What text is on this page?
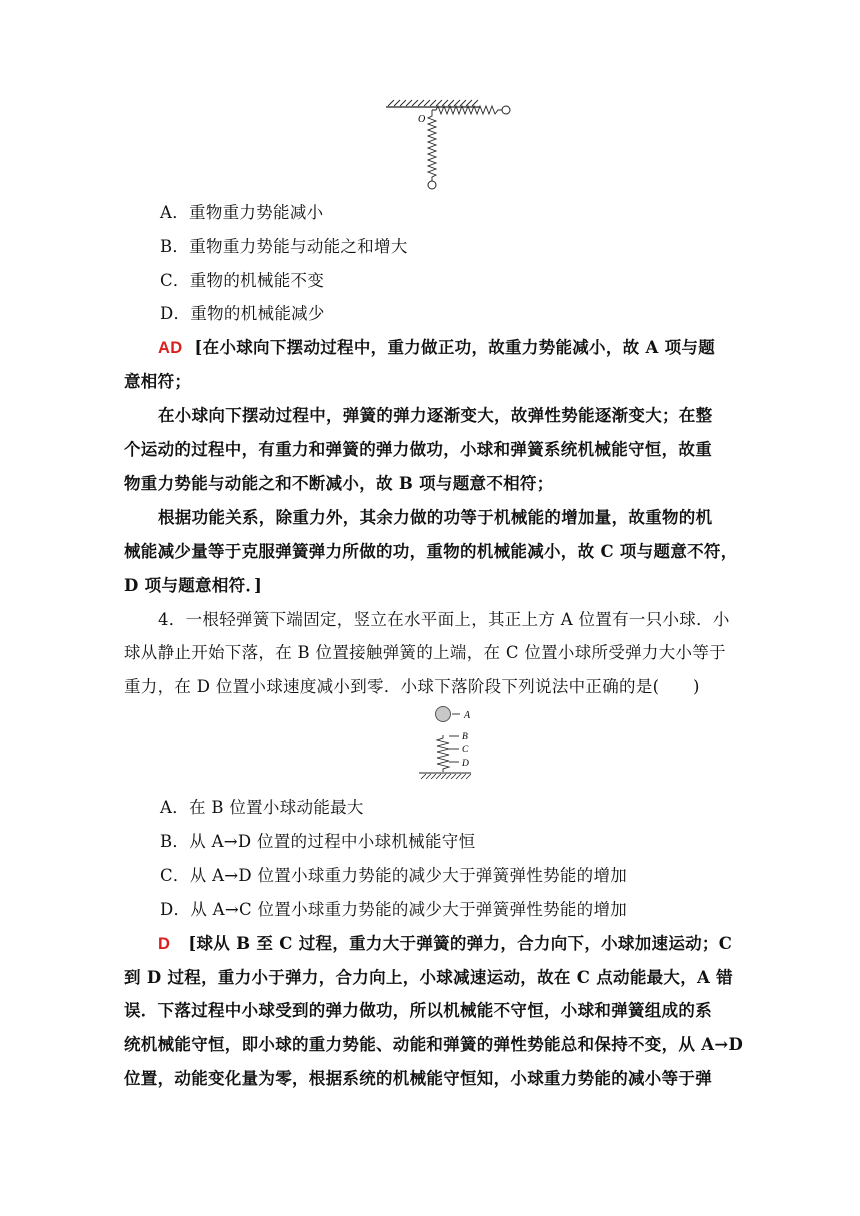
O
A．重物重力势能减小
B．重物重力势能与动能之和增大
C．重物的机械能不变
D．重物的机械能减少
AD [在小球向下摆动过程中，重力做正功，故重力势能减小，故 A 项与题
意相符；
在小球向下摆动过程中，弹簧的弹力逐渐变大，故弹性势能逐渐变大；在整
个运动的过程中，有重力和弹簧的弹力做功，小球和弹簧系统机械能守恒，故重
物重力势能与动能之和不断减小，故 B 项与题意不相符；
根据功能关系，除重力外，其余力做的功等于机械能的增加量，故重物的机
械能减少量等于克服弹簧弹力所做的功，重物的机械能减小，故 C 项与题意不符，
D 项与题意相符．]
4．一根轻弹簧下端固定，竖立在水平面上，其正上方 A 位置有一只小球．小
球从静止开始下落，在 B 位置接触弹簧的上端，在 C 位置小球所受弹力大小等于
重力，在 D 位置小球速度减小到零．小球下落阶段下列说法中正确的是(　　)
A
B
C
D
A．在 B 位置小球动能最大
B．从 A→D 位置的过程中小球机械能守恒
C．从 A→D 位置小球重力势能的减少大于弹簧弹性势能的增加
D．从 A→C 位置小球重力势能的减少大于弹簧弹性势能的增加
D [球从 B 至 C 过程，重力大于弹簧的弹力，合力向下，小球加速运动；C
到 D 过程，重力小于弹力，合力向上，小球减速运动，故在 C 点动能最大，A 错
误．下落过程中小球受到的弹力做功，所以机械能不守恒，小球和弹簧组成的系
统机械能守恒，即小球的重力势能、动能和弹簧的弹性势能总和保持不变，从 A→D
位置，动能变化量为零，根据系统的机械能守恒知，小球重力势能的减小等于弹
